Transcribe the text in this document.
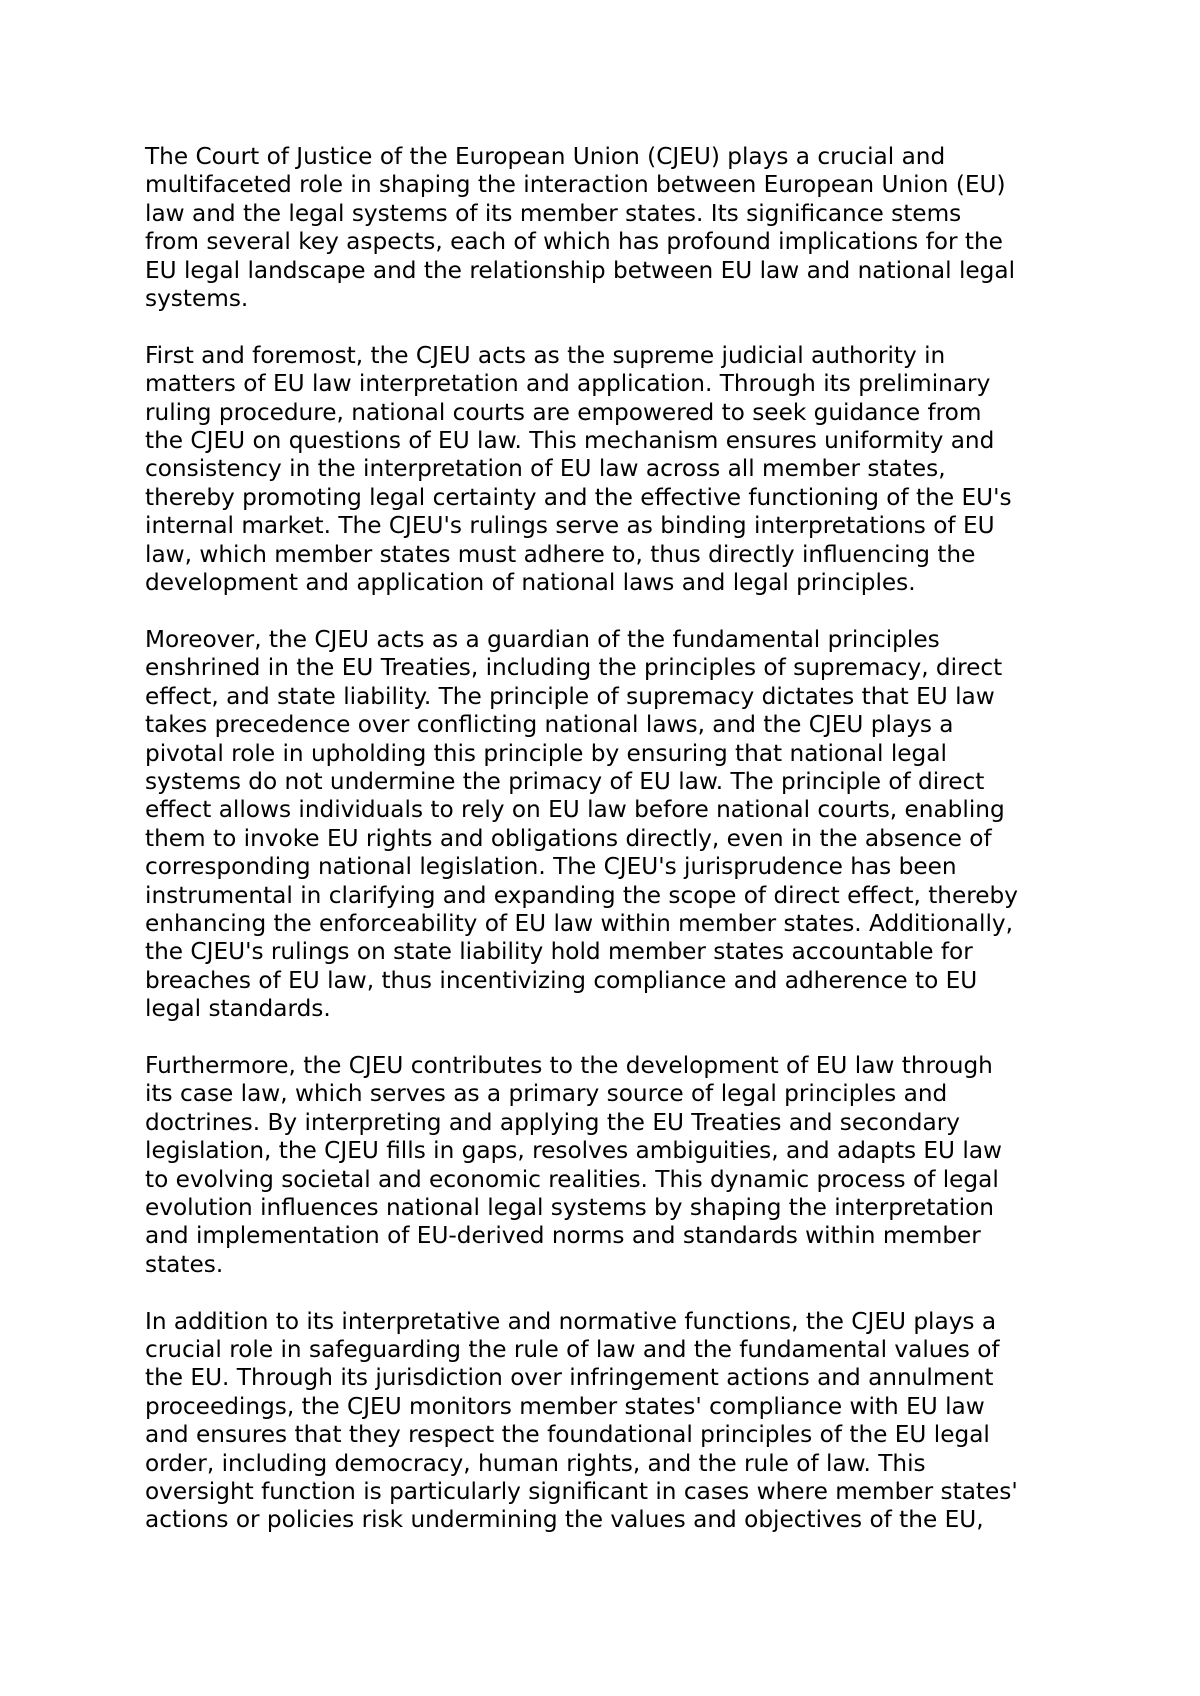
The Court of Justice of the European Union (CJEU) plays a crucial and
multifaceted role in shaping the interaction between European Union (EU)
law and the legal systems of its member states. Its significance stems
from several key aspects, each of which has profound implications for the
EU legal landscape and the relationship between EU law and national legal
systems.
First and foremost, the CJEU acts as the supreme judicial authority in
matters of EU law interpretation and application. Through its preliminary
ruling procedure, national courts are empowered to seek guidance from
the CJEU on questions of EU law. This mechanism ensures uniformity and
consistency in the interpretation of EU law across all member states,
thereby promoting legal certainty and the effective functioning of the EU's
internal market. The CJEU's rulings serve as binding interpretations of EU
law, which member states must adhere to, thus directly influencing the
development and application of national laws and legal principles.
Moreover, the CJEU acts as a guardian of the fundamental principles
enshrined in the EU Treaties, including the principles of supremacy, direct
effect, and state liability. The principle of supremacy dictates that EU law
takes precedence over conflicting national laws, and the CJEU plays a
pivotal role in upholding this principle by ensuring that national legal
systems do not undermine the primacy of EU law. The principle of direct
effect allows individuals to rely on EU law before national courts, enabling
them to invoke EU rights and obligations directly, even in the absence of
corresponding national legislation. The CJEU's jurisprudence has been
instrumental in clarifying and expanding the scope of direct effect, thereby
enhancing the enforceability of EU law within member states. Additionally,
the CJEU's rulings on state liability hold member states accountable for
breaches of EU law, thus incentivizing compliance and adherence to EU
legal standards.
Furthermore, the CJEU contributes to the development of EU law through
its case law, which serves as a primary source of legal principles and
doctrines. By interpreting and applying the EU Treaties and secondary
legislation, the CJEU fills in gaps, resolves ambiguities, and adapts EU law
to evolving societal and economic realities. This dynamic process of legal
evolution influences national legal systems by shaping the interpretation
and implementation of EU-derived norms and standards within member
states.
In addition to its interpretative and normative functions, the CJEU plays a
crucial role in safeguarding the rule of law and the fundamental values of
the EU. Through its jurisdiction over infringement actions and annulment
proceedings, the CJEU monitors member states' compliance with EU law
and ensures that they respect the foundational principles of the EU legal
order, including democracy, human rights, and the rule of law. This
oversight function is particularly significant in cases where member states'
actions or policies risk undermining the values and objectives of the EU,
